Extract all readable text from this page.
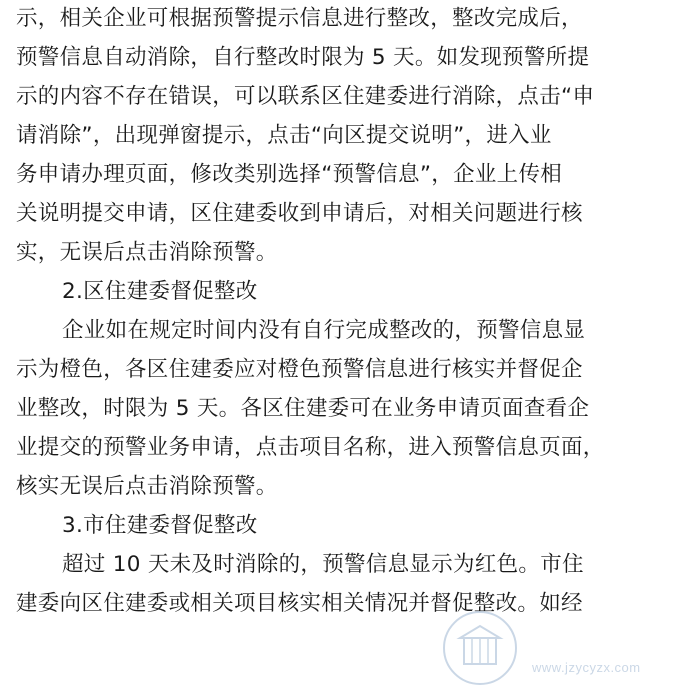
示，相关企业可根据预警提示信息进行整改，整改完成后，
预警信息自动消除，自行整改时限为 5 天。如发现预警所提
示的内容不存在错误，可以联系区住建委进行消除，点击“申
请消除”，出现弹窗提示，点击“向区提交说明”，进入业
务申请办理页面，修改类别选择“预警信息”，企业上传相
关说明提交申请，区住建委收到申请后，对相关问题进行核
实，无误后点击消除预警。
2.区住建委督促整改
企业如在规定时间内没有自行完成整改的，预警信息显
示为橙色，各区住建委应对橙色预警信息进行核实并督促企
业整改，时限为 5 天。各区住建委可在业务申请页面查看企
业提交的预警业务申请，点击项目名称，进入预警信息页面，
核实无误后点击消除预警。
3.市住建委督促整改
超过 10 天未及时消除的，预警信息显示为红色。市住
建委向区住建委或相关项目核实相关情况并督促整改。如经
www.jzycyzx.com
